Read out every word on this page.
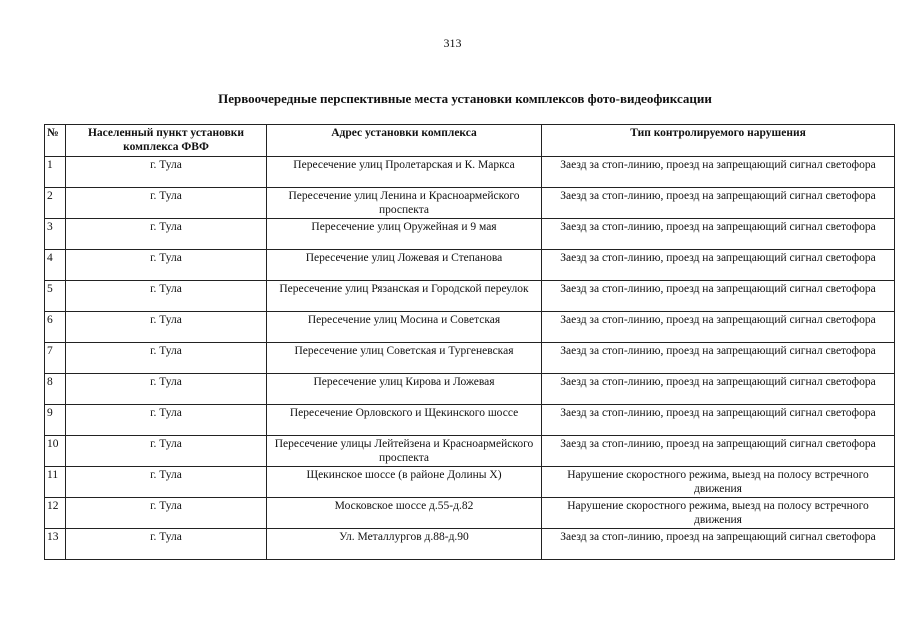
313
Первоочередные перспективные места установки комплексов фото-видеофиксации
№	Населенный пункт установки комплекса ФВФ	Адрес установки комплекса	Тип контролируемого нарушения
1	г. Тула	Пересечение улиц Пролетарская и К. Маркса	Заезд за стоп-линию, проезд на запрещающий сигнал светофора
2	г. Тула	Пересечение улиц Ленина и Красноармейского проспекта	Заезд за стоп-линию, проезд на запрещающий сигнал светофора
3	г. Тула	Пересечение улиц Оружейная и 9 мая	Заезд за стоп-линию, проезд на запрещающий сигнал светофора
4	г. Тула	Пересечение улиц Ложевая и Степанова	Заезд за стоп-линию, проезд на запрещающий сигнал светофора
5	г. Тула	Пересечение улиц Рязанская и Городской переулок	Заезд за стоп-линию, проезд на запрещающий сигнал светофора
6	г. Тула	Пересечение улиц Мосина и Советская	Заезд за стоп-линию, проезд на запрещающий сигнал светофора
7	г. Тула	Пересечение улиц Советская и Тургеневская	Заезд за стоп-линию, проезд на запрещающий сигнал светофора
8	г. Тула	Пересечение улиц Кирова и Ложевая	Заезд за стоп-линию, проезд на запрещающий сигнал светофора
9	г. Тула	Пересечение Орловского и Щекинского шоссе	Заезд за стоп-линию, проезд на запрещающий сигнал светофора
10	г. Тула	Пересечение улицы Лейтейзена и Красноармейского проспекта	Заезд за стоп-линию, проезд на запрещающий сигнал светофора
11	г. Тула	Щекинское шоссе (в районе Долины Х)	Нарушение скоростного режима, выезд на полосу встречного движения
12	г. Тула	Московское шоссе д.55-д.82	Нарушение скоростного режима, выезд на полосу встречного движения
13	г. Тула	Ул. Металлургов д.88-д.90	Заезд за стоп-линию, проезд на запрещающий сигнал светофора
